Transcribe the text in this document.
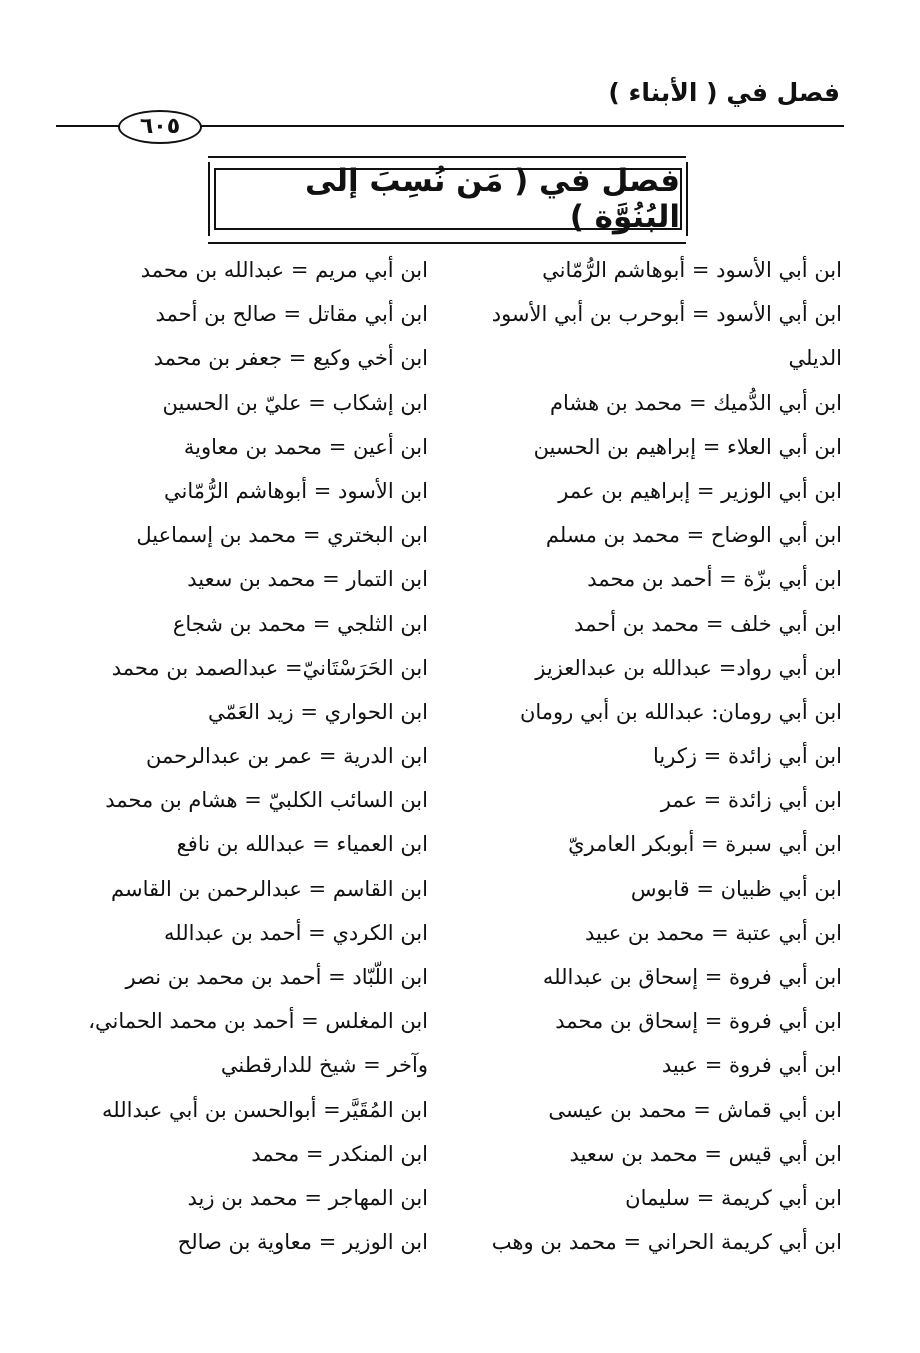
فصل في ( الأبناء )
٦٠٥
فصل في ( مَن نُسِبَ إلى البُنُوَّة )
ابن أبي الأسود = أبوهاشم الرُّمّاني
ابن أبي الأسود = أبوحرب بن أبي الأسود الديلي
ابن أبي الدُّميك = محمد بن هشام
ابن أبي العلاء = إبراهيم بن الحسين
ابن أبي الوزير = إبراهيم بن عمر
ابن أبي الوضاح = محمد بن مسلم
ابن أبي بزّة = أحمد بن محمد
ابن أبي خلف = محمد بن أحمد
ابن أبي رواد= عبدالله بن عبدالعزيز
ابن أبي رومان: عبدالله بن أبي رومان
ابن أبي زائدة = زكريا
ابن أبي زائدة = عمر
ابن أبي سبرة = أبوبكر العامريّ
ابن أبي ظبيان = قابوس
ابن أبي عتبة = محمد بن عبيد
ابن أبي فروة = إسحاق بن عبدالله
ابن أبي فروة = إسحاق بن محمد
ابن أبي فروة = عبيد
ابن أبي قماش = محمد بن عيسى
ابن أبي قيس = محمد بن سعيد
ابن أبي كريمة = سليمان
ابن أبي كريمة الحراني = محمد بن وهب
ابن أبي مريم = عبدالله بن محمد
ابن أبي مقاتل = صالح بن أحمد
ابن أخي وكيع = جعفر بن محمد
ابن إشكاب = عليّ بن الحسين
ابن أعين = محمد بن معاوية
ابن الأسود = أبوهاشم الرُّمّاني
ابن البختري = محمد بن إسماعيل
ابن التمار = محمد بن سعيد
ابن الثلجي = محمد بن شجاع
ابن الحَرَسْتَانيّ= عبدالصمد بن محمد
ابن الحواري = زيد العَمّي
ابن الدرية = عمر بن عبدالرحمن
ابن السائب الكلبيّ = هشام بن محمد
ابن العمياء = عبدالله بن نافع
ابن القاسم = عبدالرحمن بن القاسم
ابن الكردي = أحمد بن عبدالله
ابن اللّبّاد = أحمد بن محمد بن نصر
ابن المغلس = أحمد بن محمد الحماني،
وآخر = شيخ للدارقطني
ابن المُقَيَّر= أبوالحسن بن أبي عبدالله
ابن المنكدر = محمد
ابن المهاجر = محمد بن زيد
ابن الوزير = معاوية بن صالح
